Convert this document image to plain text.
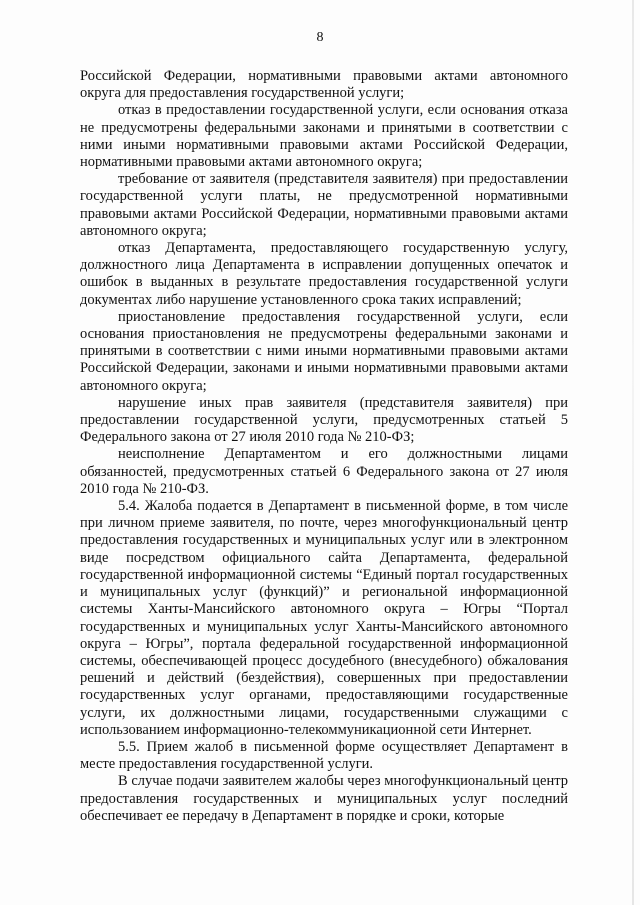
8

Российской Федерации, нормативными правовыми актами автономного округа для предоставления государственной услуги;

отказ в предоставлении государственной услуги, если основания отказа не предусмотрены федеральными законами и принятыми в соответствии с ними иными нормативными правовыми актами Российской Федерации, нормативными правовыми актами автономного округа;

требование от заявителя (представителя заявителя) при предоставлении государственной услуги платы, не предусмотренной нормативными правовыми актами Российской Федерации, нормативными правовыми актами автономного округа;

отказ Департамента, предоставляющего государственную услугу, должностного лица Департамента в исправлении допущенных опечаток и ошибок в выданных в результате предоставления государственной услуги документах либо нарушение установленного срока таких исправлений;

приостановление предоставления государственной услуги, если основания приостановления не предусмотрены федеральными законами и принятыми в соответствии с ними иными нормативными правовыми актами Российской Федерации, законами и иными нормативными правовыми актами автономного округа;

нарушение иных прав заявителя (представителя заявителя) при предоставлении государственной услуги, предусмотренных статьей 5 Федерального закона от 27 июля 2010 года № 210-ФЗ;

неисполнение Департаментом и его должностными лицами обязанностей, предусмотренных статьей 6 Федерального закона от 27 июля 2010 года № 210-ФЗ.

5.4. Жалоба подается в Департамент в письменной форме, в том числе при личном приеме заявителя, по почте, через многофункциональный центр предоставления государственных и муниципальных услуг или в электронном виде посредством официального сайта Департамента, федеральной государственной информационной системы “Единый портал государственных и муниципальных услуг (функций)” и региональной информационной системы Ханты-Мансийского автономного округа – Югры “Портал государственных и муниципальных услуг Ханты-Мансийского автономного округа – Югры”, портала федеральной государственной информационной системы, обеспечивающей процесс досудебного (внесудебного) обжалования решений и действий (бездействия), совершенных при предоставлении государственных услуг органами, предоставляющими государственные услуги, их должностными лицами, государственными служащими с использованием информационно-телекоммуникационной сети Интернет.

5.5. Прием жалоб в письменной форме осуществляет Департамент в месте предоставления государственной услуги.

В случае подачи заявителем жалобы через многофункциональный центр предоставления государственных и муниципальных услуг последний обеспечивает ее передачу в Департамент в порядке и сроки, которые
